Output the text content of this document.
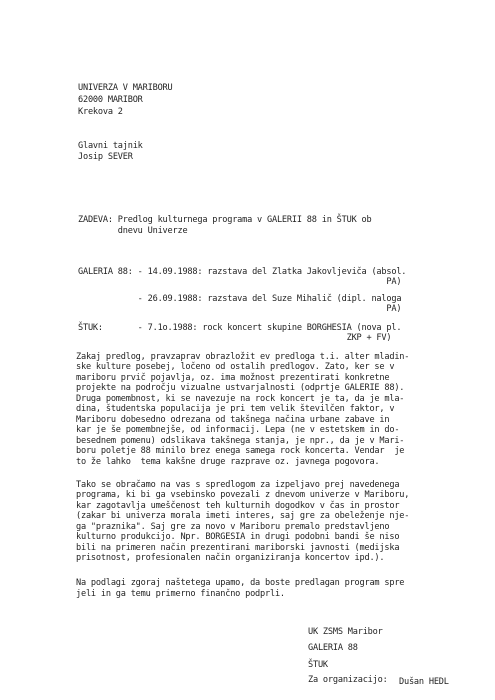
UNIVERZA V MARIBORU
62000 MARIBOR
Krekova 2
Glavni tajnik
Josip SEVER
ZADEVA: Predlog kulturnega programa v GALERII 88 in ŠTUK ob
dnevu Univerze
GALERIA 88: - 14.09.1988: razstava del Zlatka Jakovljeviča (absol.
PA)
- 26.09.1988: razstava del Suze Mihalič (dipl. naloga
PA)
ŠTUK:       - 7.1o.1988: rock koncert skupine BORGHESIA (nova pl.
ZKP + FV)
Zakaj predlog, pravzaprav obrazložit ev predloga t.i. alter mladin-
ske kulture posebej, ločeno od ostalih predlogov. Zato, ker se v
mariboru prvič pojavlja, oz. ima možnost prezentirati konkretne
projekte na področju vizualne ustvarjalnosti (odprtje GALERIE 88).
Druga pomembnost, ki se navezuje na rock koncert je ta, da je mla-
dina, študentska populacija je pri tem velik številčen faktor, v
Mariboru dobesedno odrezana od takšnega načina urbane zabave in
kar je še pomembnejše, od informacij. Lepa (ne v estetskem in do-
besednem pomenu) odslikava takšnega stanja, je npr., da je v Mari-
boru poletje 88 minilo brez enega samega rock koncerta. Vendar  je
to že lahko  tema kakšne druge razprave oz. javnega pogovora.
Tako se obračamo na vas s spredlogom za izpeljavo prej navedenega
programa, ki bi ga vsebinsko povezali z dnevom univerze v Mariboru,
kar zagotavlja umeščenost teh kulturnih dogodkov v čas in prostor
(zakar bi univerza morala imeti interes, saj gre za obeleženje nje-
ga "praznika". Saj gre za novo v Mariboru premalo predstavljeno
kulturno produkcijo. Npr. BORGESIA in drugi podobni bandi še niso
bili na primeren način prezentirani mariborski javnosti (medijska
prisotnost, profesionalen način organiziranja koncertov ipd.).
Na podlagi zgoraj naštetega upamo, da boste predlagan program spre
jeli in ga temu primerno finančno podprli.
UK ZSMS Maribor
GALERIA 88
ŠTUK
Za organizacijo: Dušan HEDL
